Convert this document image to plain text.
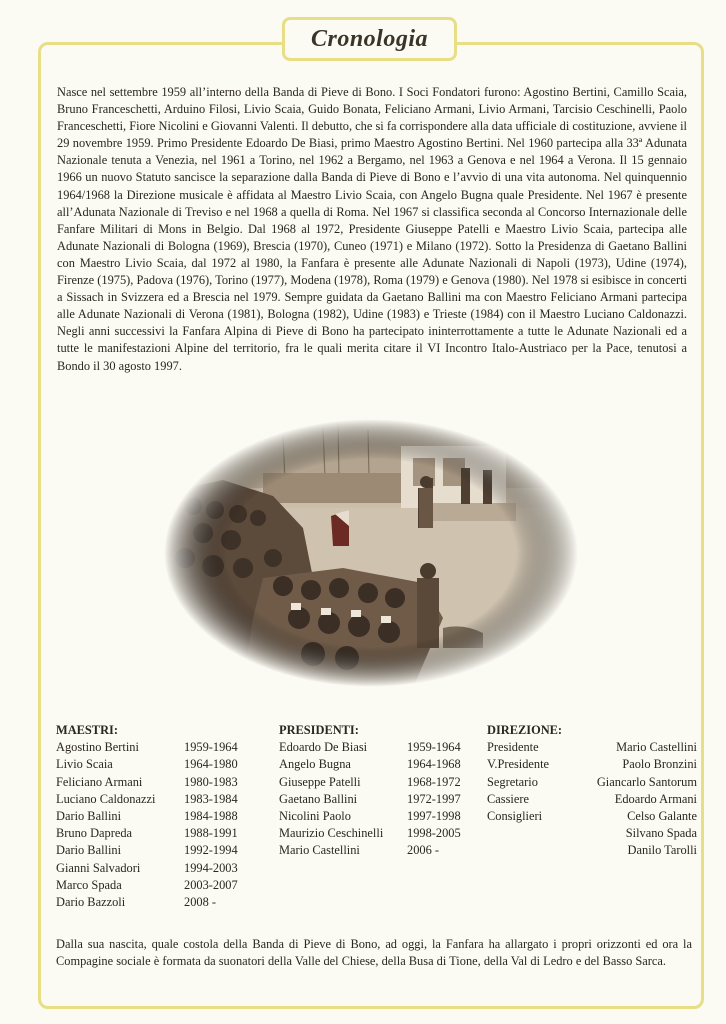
Cronologia

Nasce nel settembre 1959 all’interno della Banda di Pieve di Bono. I Soci Fondatori furono: Agostino Bertini, Camillo Scaia, Bruno Franceschetti, Arduino Filosi, Livio Scaia, Guido Bonata, Feliciano Armani, Livio Armani, Tarcisio Ceschinelli, Paolo Franceschetti, Fiore Nicolini e Giovanni Valenti. Il debutto, che si fa corrispondere alla data ufficiale di costituzione, avviene il 29 novembre 1959. Primo Presidente Edoardo De Biasi, primo Maestro Agostino Bertini. Nel 1960 partecipa alla 33ª Adunata Nazionale tenuta a Venezia, nel 1961 a Torino, nel 1962 a Bergamo, nel 1963 a Genova e nel 1964 a Verona. Il 15 gennaio 1966 un nuovo Statuto sancisce la separazione dalla Banda di Pieve di Bono e l’avvio di una vita autonoma. Nel quinquennio 1964/1968 la Direzione musicale è affidata al Maestro Livio Scaia, con Angelo Bugna quale Presidente. Nel 1967 è presente all’Adunata Nazionale di Treviso e nel 1968 a quella di Roma. Nel 1967 si classifica seconda al Concorso Internazionale delle Fanfare Militari di Mons in Belgio. Dal 1968 al 1972, Presidente Giuseppe Patelli e Maestro Livio Scaia, partecipa alle Adunate Nazionali di Bologna (1969), Brescia (1970), Cuneo (1971) e Milano (1972). Sotto la Presidenza di Gaetano Ballini con Maestro Livio Scaia, dal 1972 al 1980, la Fanfara è presente alle Adunate Nazionali di Napoli (1973), Udine (1974), Firenze (1975), Padova (1976), Torino (1977), Modena (1978), Roma (1979) e Genova (1980). Nel 1978 si esibisce in concerti a Sissach in Svizzera ed a Brescia nel 1979. Sempre guidata da Gaetano Ballini ma con Maestro Feliciano Armani partecipa alle Adunate Nazionali di Verona (1981), Bologna (1982), Udine (1983) e Trieste (1984) con il Maestro Luciano Caldonazzi. Negli anni successivi la Fanfara Alpina di Pieve di Bono ha partecipato ininterrottamente a tutte le Adunate Nazionali ed a tutte le manifestazioni Alpine del territorio, fra le quali merita citare il VI Incontro Italo-Austriaco per la Pace, tenutosi a Bondo il 30 agosto 1997.

MAESTRI:
Agostino Bertini	1959-1964
Livio Scaia	1964-1980
Feliciano Armani	1980-1983
Luciano Caldonazzi	1983-1984
Dario Ballini	1984-1988
Bruno Dapreda	1988-1991
Dario Ballini	1992-1994
Gianni Salvadori	1994-2003
Marco Spada	2003-2007
Dario Bazzoli	2008 -
PRESIDENTI:
Edoardo De Biasi	1959-1964
Angelo Bugna	1964-1968
Giuseppe Patelli	1968-1972
Gaetano Ballini	1972-1997
Nicolini Paolo	1997-1998
Maurizio Ceschinelli	1998-2005
Mario Castellini	2006 -
DIREZIONE:
Presidente	Mario Castellini
V.Presidente	Paolo Bronzini
Segretario	Giancarlo Santorum
Cassiere	Edoardo Armani
Consiglieri	Celso Galante
Silvano Spada
Danilo Tarolli

Dalla sua nascita, quale costola della Banda di Pieve di Bono, ad oggi, la Fanfara ha allargato i propri orizzonti ed ora la Compagine sociale è formata da suonatori della Valle del Chiese, della Busa di Tione, della Val di Ledro e del Basso Sarca.
